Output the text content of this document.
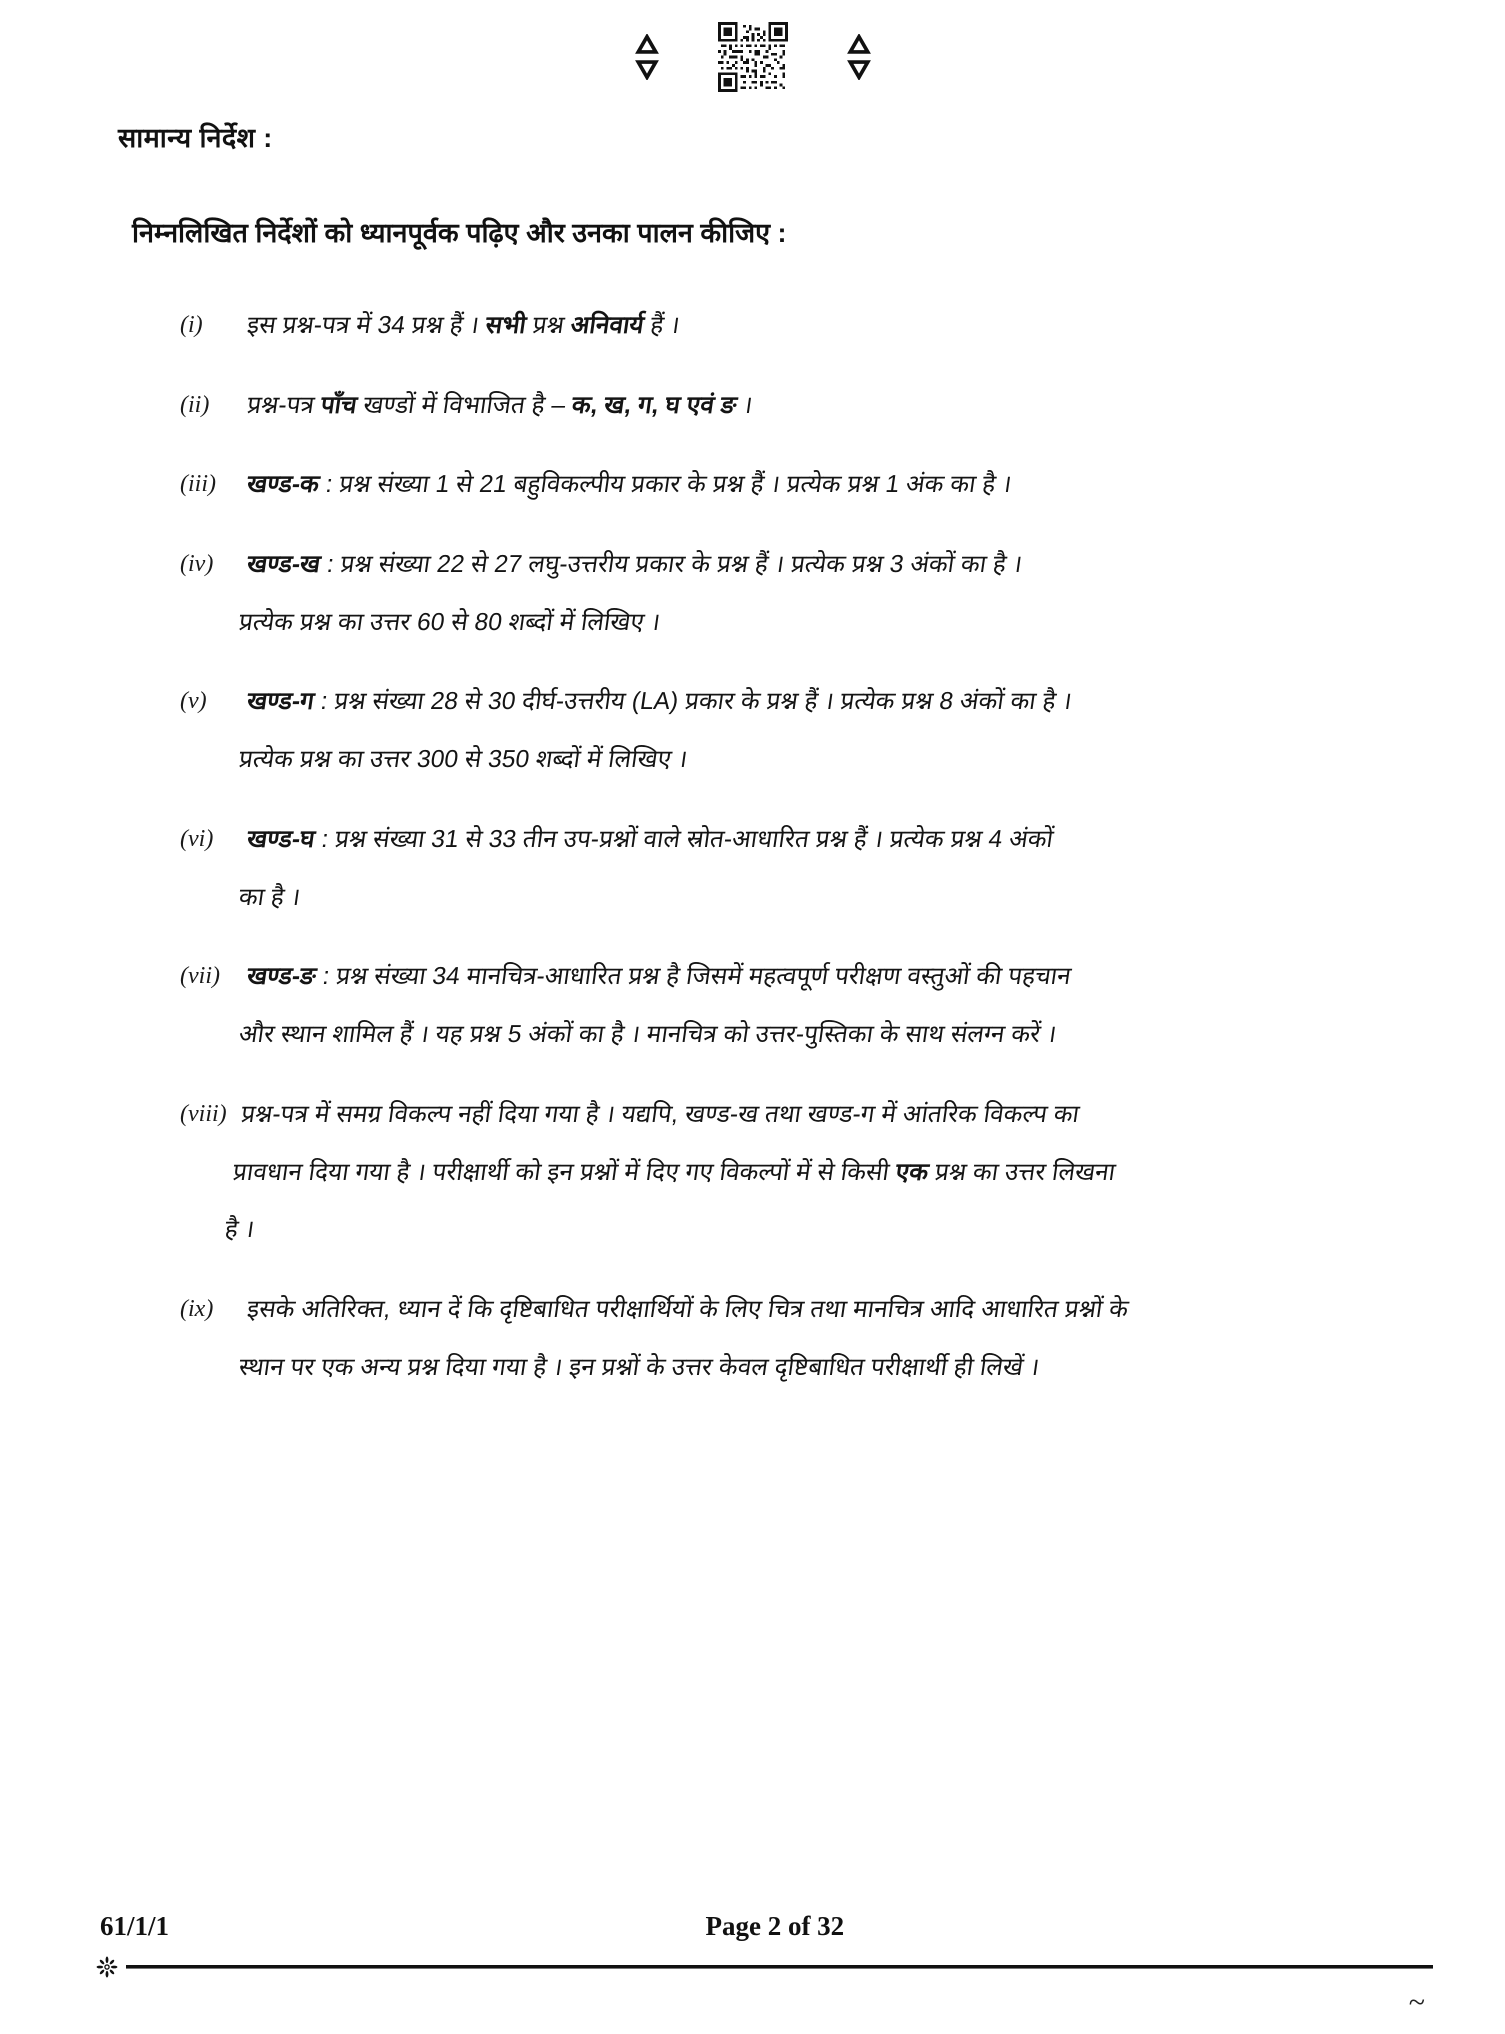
सामान्य निर्देश :

निम्नलिखित निर्देशों को ध्यानपूर्वक पढ़िए और उनका पालन कीजिए :

(i)	इस प्रश्न-पत्र में 34 प्रश्न हैं । सभी प्रश्न अनिवार्य हैं ।
(ii)	प्रश्न-पत्र पाँच खण्डों में विभाजित है – क, ख, ग, घ एवं ङ ।
(iii)	खण्ड-क : प्रश्न संख्या 1 से 21 बहुविकल्पीय प्रकार के प्रश्न हैं । प्रत्येक प्रश्न 1 अंक का है ।
(iv)	खण्ड-ख : प्रश्न संख्या 22 से 27 लघु-उत्तरीय प्रकार के प्रश्न हैं । प्रत्येक प्रश्न 3 अंकों का है ।
प्रत्येक प्रश्न का उत्तर 60 से 80 शब्दों में लिखिए ।
(v)	खण्ड-ग : प्रश्न संख्या 28 से 30 दीर्घ-उत्तरीय (LA) प्रकार के प्रश्न हैं । प्रत्येक प्रश्न 8 अंकों का है ।
प्रत्येक प्रश्न का उत्तर 300 से 350 शब्दों में लिखिए ।
(vi)	खण्ड-घ : प्रश्न संख्या 31 से 33 तीन उप-प्रश्नों वाले स्रोत-आधारित प्रश्न हैं । प्रत्येक प्रश्न 4 अंकों
का है ।
(vii)	खण्ड-ङ : प्रश्न संख्या 34 मानचित्र-आधारित प्रश्न है जिसमें महत्वपूर्ण परीक्षण वस्तुओं की पहचान
और स्थान शामिल हैं । यह प्रश्न 5 अंकों का है । मानचित्र को उत्तर-पुस्तिका के साथ संलग्न करें ।
(viii) प्रश्न-पत्र में समग्र विकल्प नहीं दिया गया है । यद्यपि, खण्ड-ख तथा खण्ड-ग में आंतरिक विकल्प का
प्रावधान दिया गया है । परीक्षार्थी को इन प्रश्नों में दिए गए विकल्पों में से किसी एक प्रश्न का उत्तर लिखना
है ।
(ix)	इसके अतिरिक्त, ध्यान दें कि दृष्टिबाधित परीक्षार्थियों के लिए चित्र तथा मानचित्र आदि आधारित प्रश्नों के
स्थान पर एक अन्य प्रश्न दिया गया है । इन प्रश्नों के उत्तर केवल दृष्टिबाधित परीक्षार्थी ही लिखें ।
61/1/1	Page 2 of 32
~
